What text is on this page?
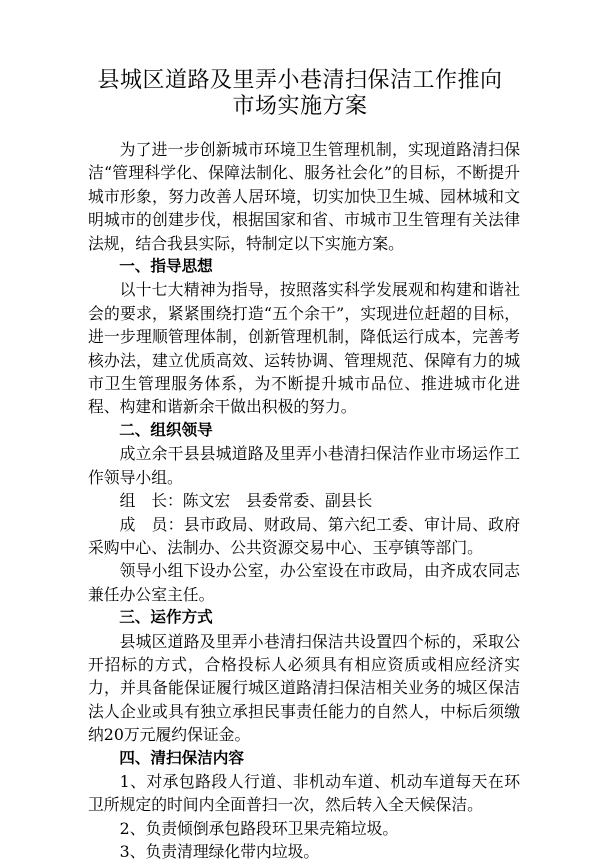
县城区道路及里弄小巷清扫保洁工作推向
市场实施方案

为了进一步创新城市环境卫生管理机制，实现道路清扫保洁“管理科学化、保障法制化、服务社会化”的目标，不断提升城市形象，努力改善人居环境，切实加快卫生城、园林城和文明城市的创建步伐，根据国家和省、市城市卫生管理有关法律法规，结合我县实际，特制定以下实施方案。

一、指导思想

以十七大精神为指导，按照落实科学发展观和构建和谐社会的要求，紧紧围绕打造“五个余干”，实现进位赶超的目标，进一步理顺管理体制，创新管理机制，降低运行成本，完善考核办法，建立优质高效、运转协调、管理规范、保障有力的城市卫生管理服务体系，为不断提升城市品位、推进城市化进程、构建和谐新余干做出积极的努力。

二、组织领导

成立余干县县城道路及里弄小巷清扫保洁作业市场运作工作领导小组。

组　长：陈文宏　县委常委、副县长

成　员：县市政局、财政局、第六纪工委、审计局、政府采购中心、法制办、公共资源交易中心、玉亭镇等部门。

领导小组下设办公室，办公室设在市政局，由齐成农同志兼任办公室主任。

三、运作方式

县城区道路及里弄小巷清扫保洁共设置四个标的，采取公开招标的方式，合格投标人必须具有相应资质或相应经济实力，并具备能保证履行城区道路清扫保洁相关业务的城区保洁法人企业或具有独立承担民事责任能力的自然人，中标后须缴纳20万元履约保证金。

四、清扫保洁内容

1、对承包路段人行道、非机动车道、机动车道每天在环卫所规定的时间内全面普扫一次，然后转入全天候保洁。

2、负责倾倒承包路段环卫果壳箱垃圾。

3、负责清理绿化带内垃圾。
